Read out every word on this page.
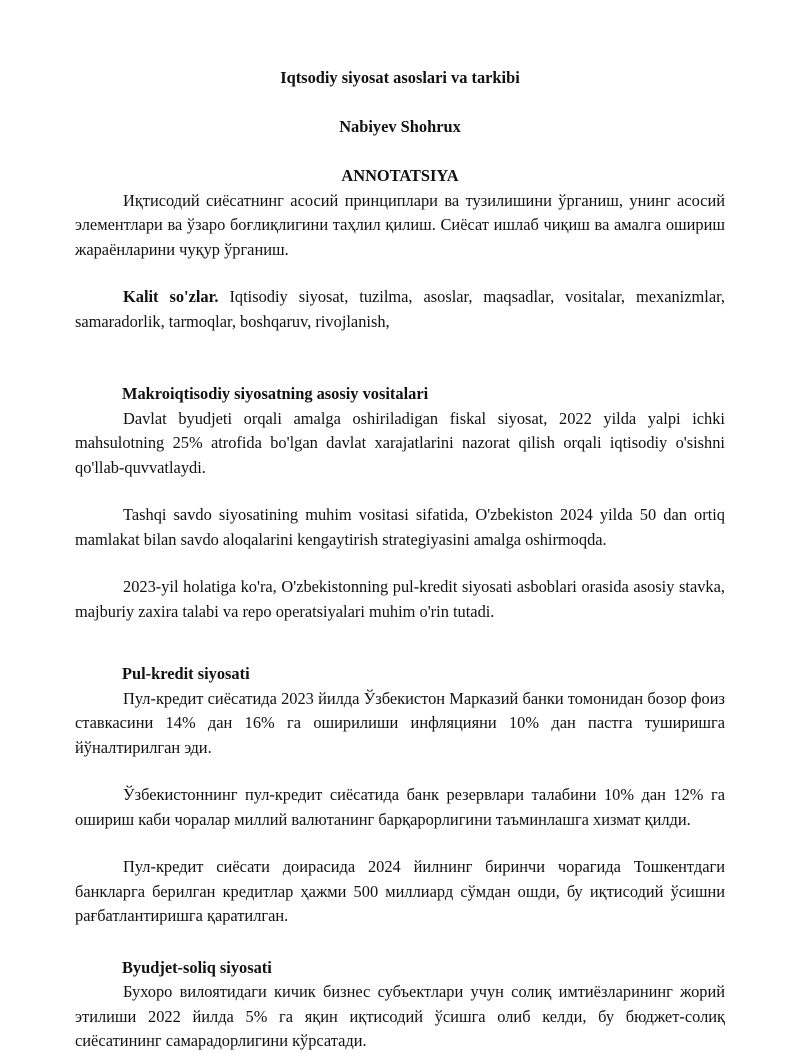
Iqtsodiy siyosat asoslari va tarkibi
Nabiyev Shohrux
ANNOTATSIYA

Иқтисодий сиёсатнинг асосий принциплари ва тузилишини ўрганиш, унинг асосий элементлари ва ўзаро боғлиқлигини таҳлил қилиш. Сиёсат ишлаб чиқиш ва амалга ошириш жараёнларини чуқур ўрганиш.

Kalit so'zlar. Iqtisodiy siyosat, tuzilma, asoslar, maqsadlar, vositalar, mexanizmlar, samaradorlik, tarmoqlar, boshqaruv, rivojlanish,

Makroiqtisodiy siyosatning asosiy vositalari

Davlat byudjeti orqali amalga oshiriladigan fiskal siyosat, 2022 yilda yalpi ichki mahsulotning 25% atrofida bo'lgan davlat xarajatlarini nazorat qilish orqali iqtisodiy o'sishni qo'llab-quvvatlaydi.

Tashqi savdo siyosatining muhim vositasi sifatida, O'zbekiston 2024 yilda 50 dan ortiq mamlakat bilan savdo aloqalarini kengaytirish strategiyasini amalga oshirmoqda.

2023-yil holatiga ko'ra, O'zbekistonning pul-kredit siyosati asboblari orasida asosiy stavka, majburiy zaxira talabi va repo operatsiyalari muhim o'rin tutadi.

Pul-kredit siyosati

Пул-кредит сиёсатида 2023 йилда Ўзбекистон Марказий банки томонидан бозор фоиз ставкасини 14% дан 16% га оширилиши инфляцияни 10% дан пастга туширишга йўналтирилган эди.

Ўзбекистоннинг пул-кредит сиёсатида банк резервлари талабини 10% дан 12% га ошириш каби чоралар миллий валютанинг барқарорлигини таъминлашга хизмат қилди.

Пул-кредит сиёсати доирасида 2024 йилнинг биринчи чорагида Тошкентдаги банкларга берилган кредитлар ҳажми 500 миллиард сўмдан ошди, бу иқтисодий ўсишни рағбатлантиришга қаратилган.

Byudjet-soliq siyosati

Бухоро вилоятидаги кичик бизнес субъектлари учун солиқ имтиёзларининг жорий этилиши 2022 йилда 5% га яқин иқтисодий ўсишга олиб келди, бу бюджет-солиқ сиёсатининг самарадорлигини кўрсатади.
